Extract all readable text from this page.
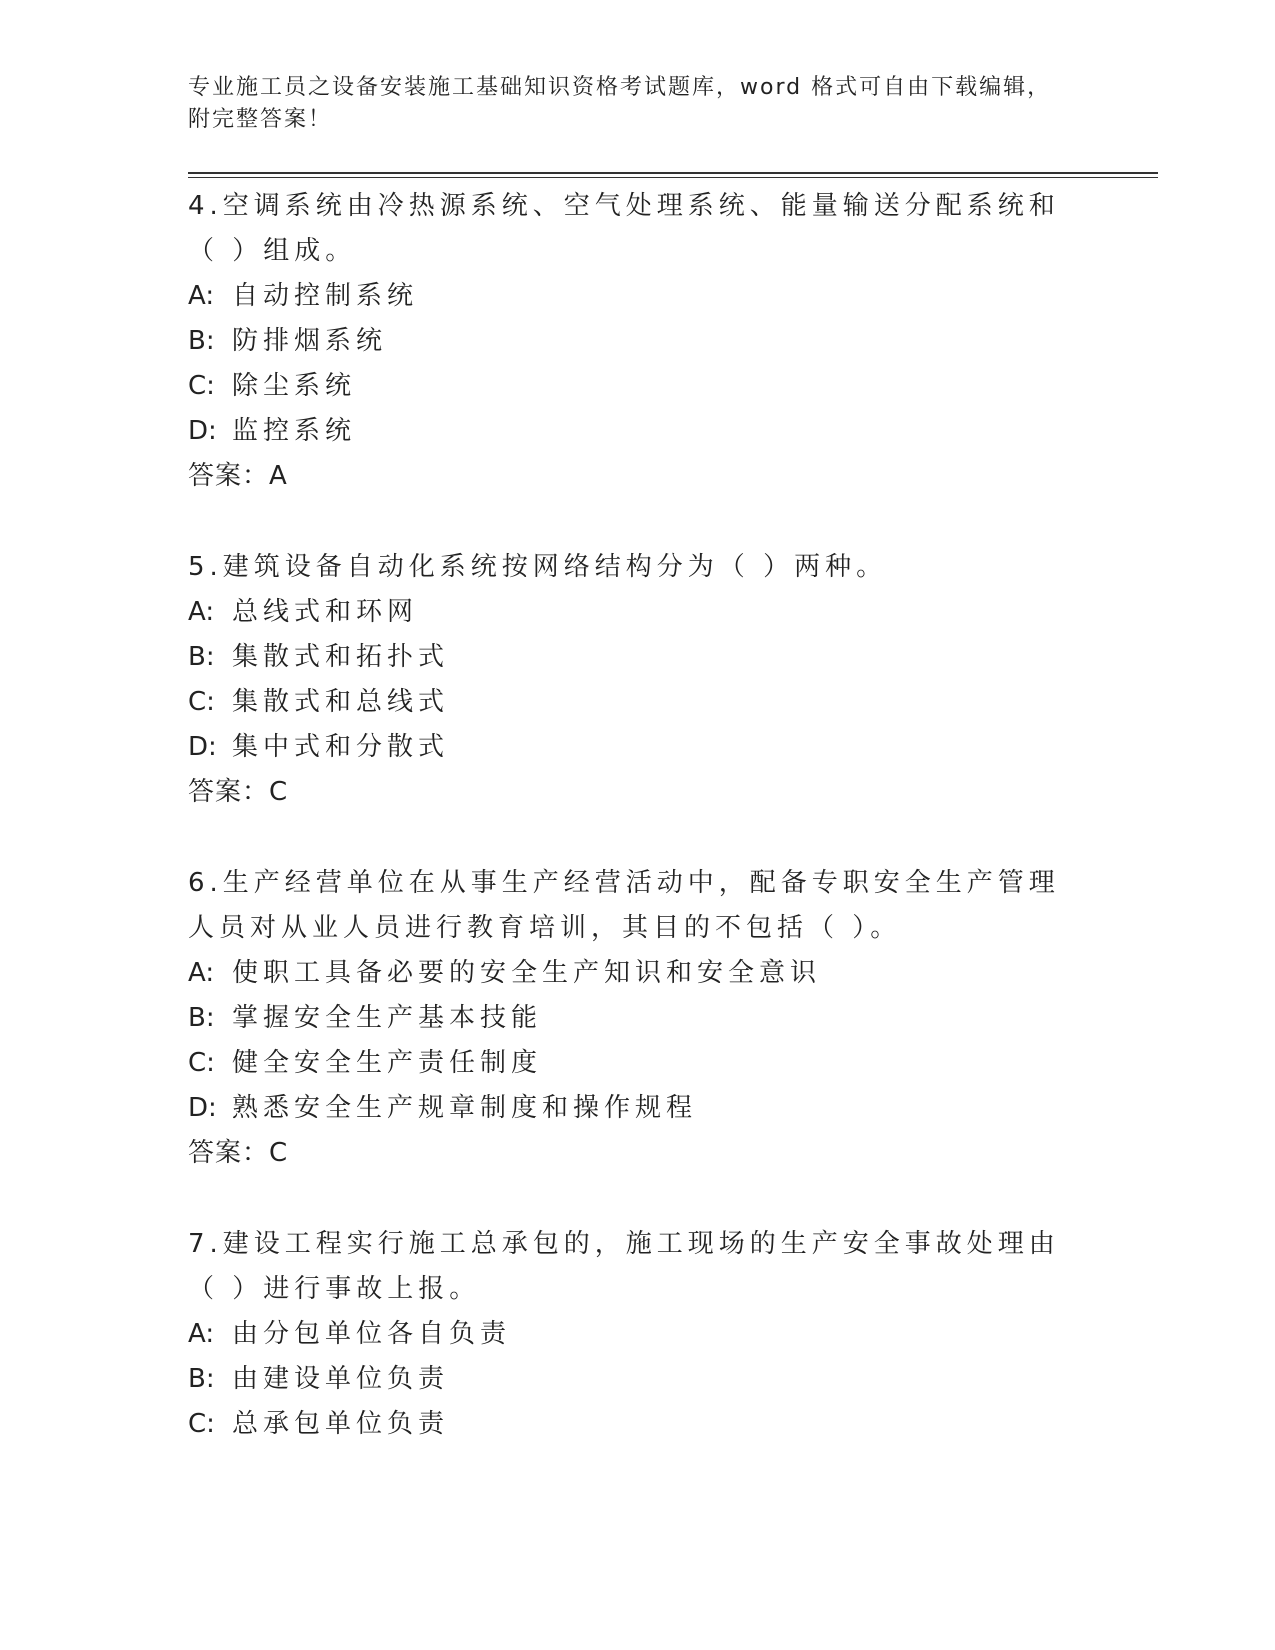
专业施工员之设备安装施工基础知识资格考试题库，word 格式可自由下载编辑，
附完整答案！
4.空调系统由冷热源系统、空气处理系统、能量输送分配系统和（ ）组成。
A: 自动控制系统
B: 防排烟系统
C: 除尘系统
D: 监控系统
答案：A
5.建筑设备自动化系统按网络结构分为（ ）两种。
A: 总线式和环网
B: 集散式和拓扑式
C: 集散式和总线式
D: 集中式和分散式
答案：C
6.生产经营单位在从事生产经营活动中，配备专职安全生产管理人员对从业人员进行教育培训，其目的不包括（ ）。
A: 使职工具备必要的安全生产知识和安全意识
B: 掌握安全生产基本技能
C: 健全安全生产责任制度
D: 熟悉安全生产规章制度和操作规程
答案：C
7.建设工程实行施工总承包的，施工现场的生产安全事故处理由（ ）进行事故上报。
A: 由分包单位各自负责
B: 由建设单位负责
C: 总承包单位负责
